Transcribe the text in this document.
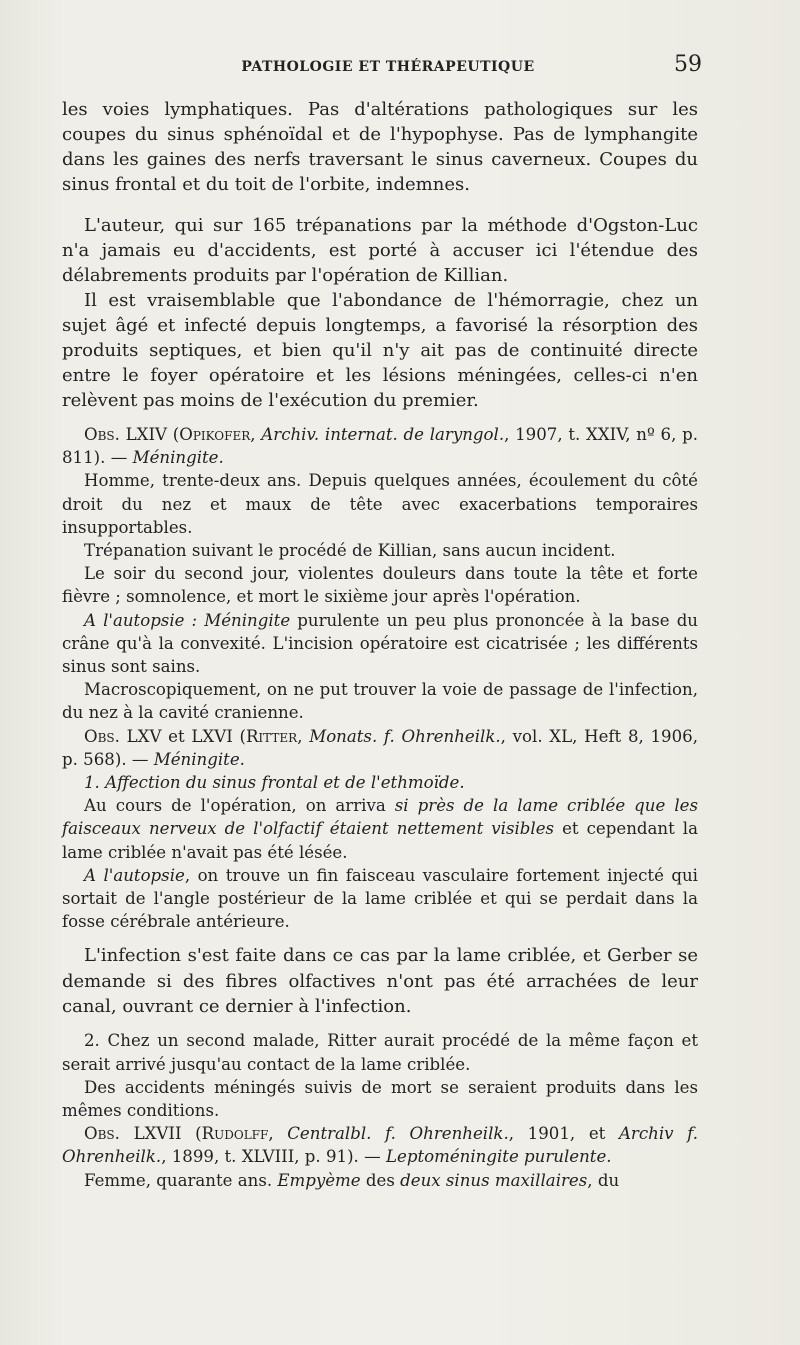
PATHOLOGIE ET THÉRAPEUTIQUE	59

les voies lymphatiques. Pas d'altérations pathologiques sur les coupes du sinus sphénoïdal et de l'hypophyse. Pas de lymphangite dans les gaines des nerfs traversant le sinus caverneux. Coupes du sinus frontal et du toit de l'orbite, indemnes.

L'auteur, qui sur 165 trépanations par la méthode d'Ogston-Luc n'a jamais eu d'accidents, est porté à accuser ici l'étendue des délabrements produits par l'opération de Killian.

Il est vraisemblable que l'abondance de l'hémorragie, chez un sujet âgé et infecté depuis longtemps, a favorisé la résorption des produits septiques, et bien qu'il n'y ait pas de continuité directe entre le foyer opératoire et les lésions méningées, celles-ci n'en relèvent pas moins de l'exécution du premier.

Obs. LXIV (Opikofer, Archiv. internat. de laryngol., 1907, t. XXIV, nº 6, p. 811). — Méningite.

Homme, trente-deux ans. Depuis quelques années, écoulement du côté droit du nez et maux de tête avec exacerbations temporaires insupportables.

Trépanation suivant le procédé de Killian, sans aucun incident.

Le soir du second jour, violentes douleurs dans toute la tête et forte fièvre ; somnolence, et mort le sixième jour après l'opération.

A l'autopsie : Méningite purulente un peu plus prononcée à la base du crâne qu'à la convexité. L'incision opératoire est cicatrisée ; les différents sinus sont sains.

Macroscopiquement, on ne put trouver la voie de passage de l'infection, du nez à la cavité cranienne.

Obs. LXV et LXVI (Ritter, Monats. f. Ohrenheilk., vol. XL, Heft 8, 1906, p. 568). — Méningite.

1. Affection du sinus frontal et de l'ethmoïde.

Au cours de l'opération, on arriva si près de la lame criblée que les faisceaux nerveux de l'olfactif étaient nettement visibles et cependant la lame criblée n'avait pas été lésée.

A l'autopsie, on trouve un fin faisceau vasculaire fortement injecté qui sortait de l'angle postérieur de la lame criblée et qui se perdait dans la fosse cérébrale antérieure.

L'infection s'est faite dans ce cas par la lame criblée, et Gerber se demande si des fibres olfactives n'ont pas été arrachées de leur canal, ouvrant ce dernier à l'infection.

2. Chez un second malade, Ritter aurait procédé de la même façon et serait arrivé jusqu'au contact de la lame criblée.

Des accidents méningés suivis de mort se seraient produits dans les mêmes conditions.

Obs. LXVII (Rudolff, Centralbl. f. Ohrenheilk., 1901, et Archiv f. Ohrenheilk., 1899, t. XLVIII, p. 91). — Leptoméningite purulente.

Femme, quarante ans. Empyème des deux sinus maxillaires, du
